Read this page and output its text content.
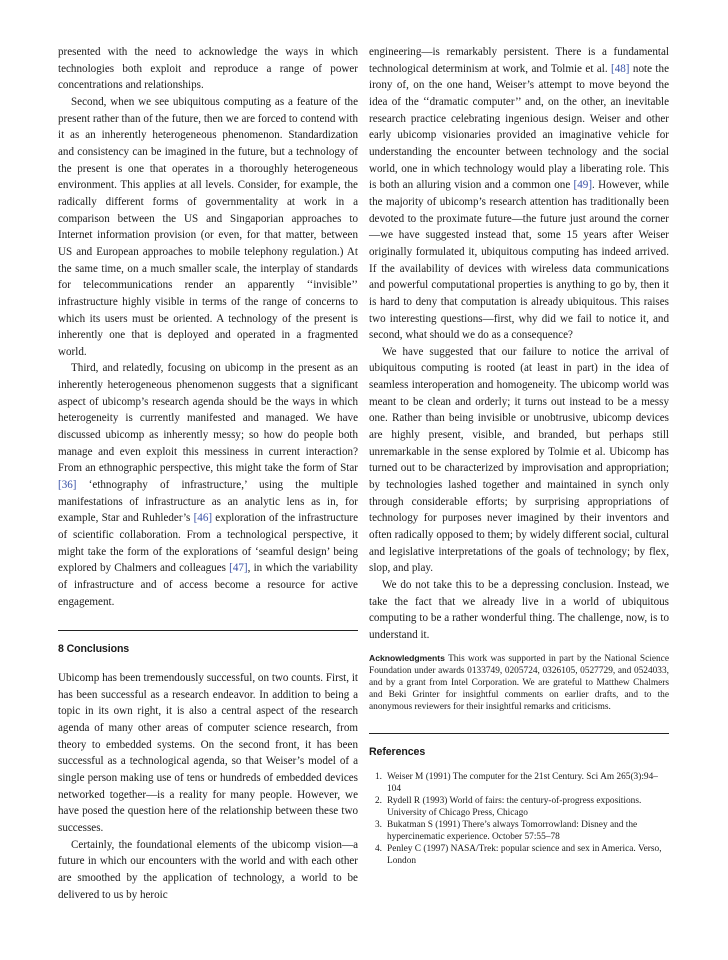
presented with the need to acknowledge the ways in which technologies both exploit and reproduce a range of power concentrations and relationships.

Second, when we see ubiquitous computing as a feature of the present rather than of the future, then we are forced to contend with it as an inherently heterogeneous phenomenon. Standardization and consistency can be imagined in the future, but a technology of the present is one that operates in a thoroughly heterogeneous environment. This applies at all levels. Consider, for example, the radically different forms of governmentality at work in a comparison between the US and Singaporian approaches to Internet information provision (or even, for that matter, between US and European approaches to mobile telephony regulation.) At the same time, on a much smaller scale, the interplay of standards for telecommunications render an apparently ‘‘invisible’’ infrastructure highly visible in terms of the range of concerns to which its users must be oriented. A technology of the present is inherently one that is deployed and operated in a fragmented world.

Third, and relatedly, focusing on ubicomp in the present as an inherently heterogeneous phenomenon suggests that a significant aspect of ubicomp’s research agenda should be the ways in which heterogeneity is currently manifested and managed. We have discussed ubicomp as inherently messy; so how do people both manage and even exploit this messiness in current interaction? From an ethnographic perspective, this might take the form of Star [36] ‘ethnography of infrastructure,’ using the multiple manifestations of infrastructure as an analytic lens as in, for example, Star and Ruhleder’s [46] exploration of the infrastructure of scientific collaboration. From a technological perspective, it might take the form of the explorations of ‘seamful design’ being explored by Chalmers and colleagues [47], in which the variability of infrastructure and of access become a resource for active engagement.

8 Conclusions

Ubicomp has been tremendously successful, on two counts. First, it has been successful as a research endeavor. In addition to being a topic in its own right, it is also a central aspect of the research agenda of many other areas of computer science research, from theory to embedded systems. On the second front, it has been successful as a technological agenda, so that Weiser’s model of a single person making use of tens or hundreds of embedded devices networked together—is a reality for many people. However, we have posed the question here of the relationship between these two successes.

Certainly, the foundational elements of the ubicomp vision—a future in which our encounters with the world and with each other are smoothed by the application of technology, a world to be delivered to us by heroic

engineering—is remarkably persistent. There is a fundamental technological determinism at work, and Tolmie et al. [48] note the irony of, on the one hand, Weiser’s attempt to move beyond the idea of the ‘‘dramatic computer’’ and, on the other, an inevitable research practice celebrating ingenious design. Weiser and other early ubicomp visionaries provided an imaginative vehicle for understanding the encounter between technology and the social world, one in which technology would play a liberating role. This is both an alluring vision and a common one [49]. However, while the majority of ubicomp’s research attention has traditionally been devoted to the proximate future—the future just around the corner—we have suggested instead that, some 15 years after Weiser originally formulated it, ubiquitous computing has indeed arrived. If the availability of devices with wireless data communications and powerful computational properties is anything to go by, then it is hard to deny that computation is already ubiquitous. This raises two interesting questions—first, why did we fail to notice it, and second, what should we do as a consequence?

We have suggested that our failure to notice the arrival of ubiquitous computing is rooted (at least in part) in the idea of seamless interoperation and homogeneity. The ubicomp world was meant to be clean and orderly; it turns out instead to be a messy one. Rather than being invisible or unobtrusive, ubicomp devices are highly present, visible, and branded, but perhaps still unremarkable in the sense explored by Tolmie et al. Ubicomp has turned out to be characterized by improvisation and appropriation; by technologies lashed together and maintained in synch only through considerable efforts; by surprising appropriations of technology for purposes never imagined by their inventors and often radically opposed to them; by widely different social, cultural and legislative interpretations of the goals of technology; by flex, slop, and play.

We do not take this to be a depressing conclusion. Instead, we take the fact that we already live in a world of ubiquitous computing to be a rather wonderful thing. The challenge, now, is to understand it.

Acknowledgments This work was supported in part by the National Science Foundation under awards 0133749, 0205724, 0326105, 0527729, and 0524033, and by a grant from Intel Corporation. We are grateful to Matthew Chalmers and Beki Grinter for insightful comments on earlier drafts, and to the anonymous reviewers for their insightful remarks and criticisms.

References
1. Weiser M (1991) The computer for the 21st Century. Sci Am 265(3):94–104
2. Rydell R (1993) World of fairs: the century-of-progress expositions. University of Chicago Press, Chicago
3. Bukatman S (1991) There’s always Tomorrowland: Disney and the hypercinematic experience. October 57:55–78
4. Penley C (1997) NASA/Trek: popular science and sex in America. Verso, London
